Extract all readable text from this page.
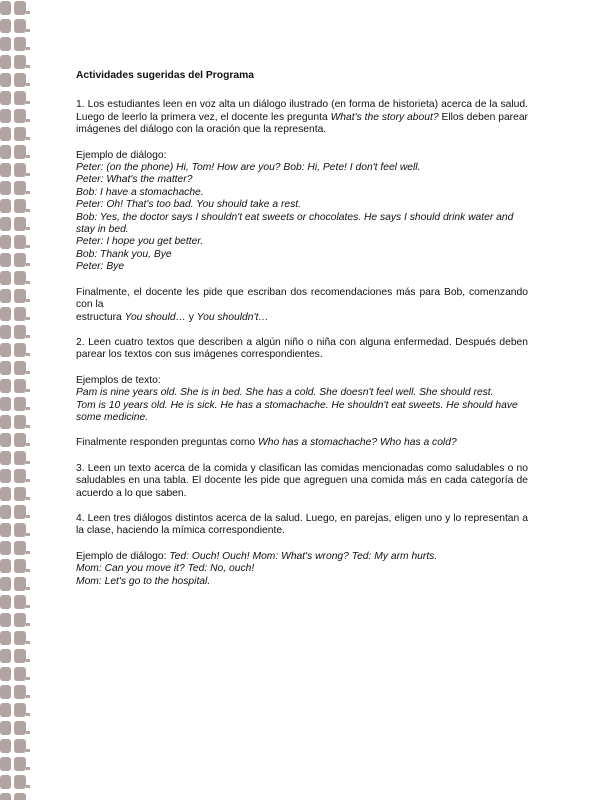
Actividades sugeridas del Programa

1. Los estudiantes leen en voz alta un diálogo ilustrado (en forma de historieta) acerca de la salud. Luego de leerlo la primera vez, el docente les pregunta What's the story about? Ellos deben parear imágenes del diálogo con la oración que la representa.

Ejemplo de diálogo:

Peter: (on the phone) Hi, Tom! How are you? Bob: Hi, Pete! I don't feel well.

Peter: What's the matter?

Bob: I have a stomachache.

Peter: Oh! That's too bad. You should take a rest.

Bob: Yes, the doctor says I shouldn't eat sweets or chocolates. He says I should drink water and stay in bed.

Peter: I hope you get better.

Bob: Thank you, Bye

Peter: Bye

Finalmente, el docente les pide que escriban dos recomendaciones más para Bob, comenzando con la

estructura You should… y You shouldn't…

2. Leen cuatro textos que describen a algún niño o niña con alguna enfermedad. Después deben parear los textos con sus imágenes correspondientes.

Ejemplos de texto:

Pam is nine years old. She is in bed. She has a cold. She doesn't feel well. She should rest.

Tom is 10 years old. He is sick. He has a stomachache. He shouldn't eat sweets. He should have some medicine.

Finalmente responden preguntas como Who has a stomachache? Who has a cold?

3. Leen un texto acerca de la comida y clasifican las comidas mencionadas como saludables o no saludables en una tabla. El docente les pide que agreguen una comida más en cada categoría de acuerdo a lo que saben.

4. Leen tres diálogos distintos acerca de la salud. Luego, en parejas, eligen uno y lo representan a la clase, haciendo la mímica correspondiente.

Ejemplo de diálogo: Ted: Ouch! Ouch! Mom: What's wrong? Ted: My arm hurts.

Mom: Can you move it? Ted: No, ouch!

Mom: Let's go to the hospital.
